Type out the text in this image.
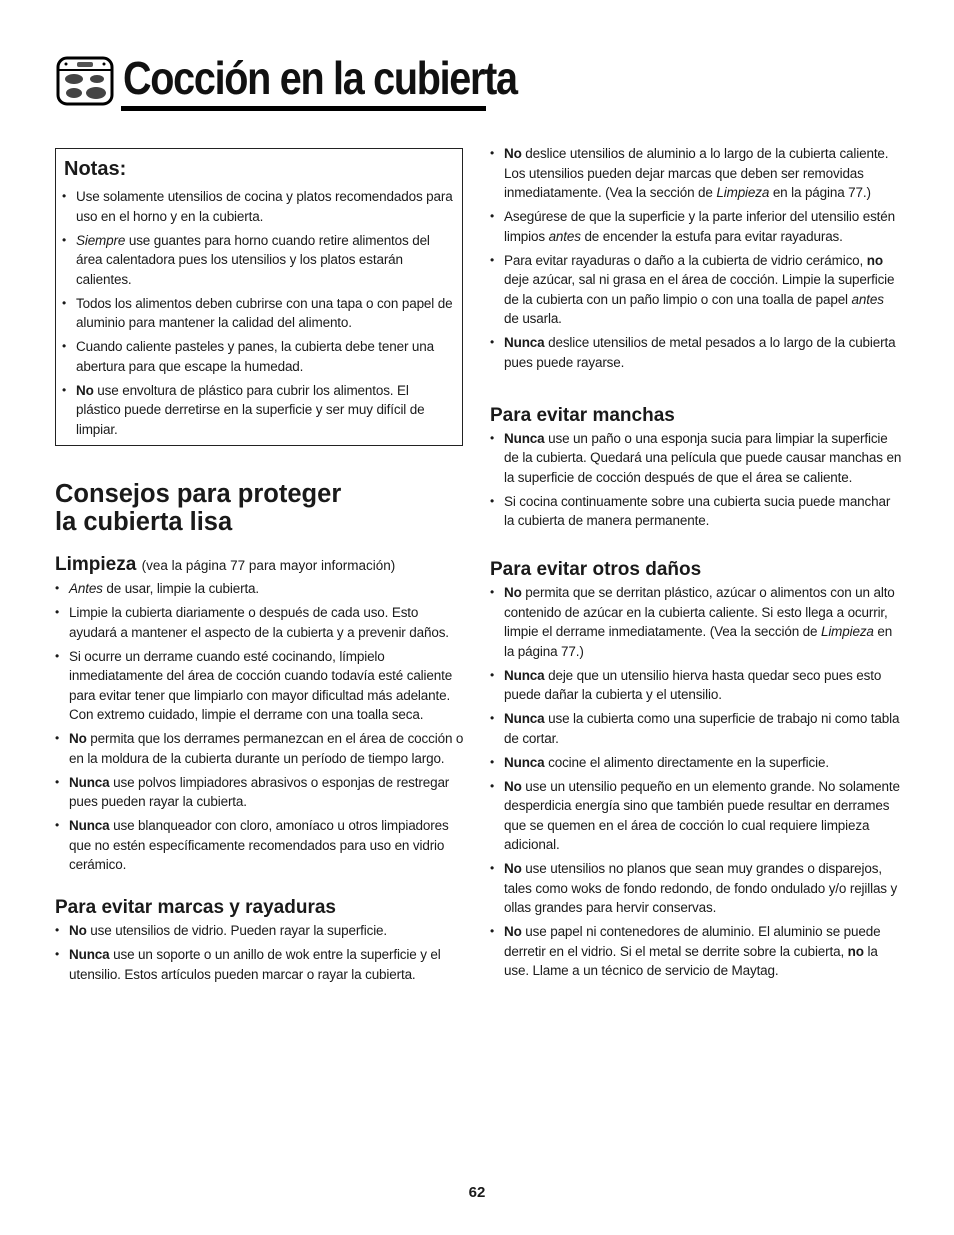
Cocción en la cubierta
Notas:
• Use solamente utensilios de cocina y platos recomendados para uso en el horno y en la cubierta.
• Siempre use guantes para horno cuando retire alimentos del área calentadora pues los utensilios y los platos estarán calientes.
• Todos los alimentos deben cubrirse con una tapa o con papel de aluminio para mantener la calidad del alimento.
• Cuando caliente pasteles y panes, la cubierta debe tener una abertura para que escape la humedad.
• No use envoltura de plástico para cubrir los alimentos. El plástico puede derretirse en la superficie y ser muy difícil de limpiar.
Consejos para proteger
la cubierta lisa
Limpieza (vea la página 77 para mayor información)
• Antes de usar, limpie la cubierta.
• Limpie la cubierta diariamente o después de cada uso. Esto ayudará a mantener el aspecto de la cubierta y a prevenir daños.
• Si ocurre un derrame cuando esté cocinando, límpielo inmediatamente del área de cocción cuando todavía esté caliente para evitar tener que limpiarlo con mayor dificultad más adelante. Con extremo cuidado, limpie el derrame con una toalla seca.
• No permita que los derrames permanezcan en el área de cocción o en la moldura de la cubierta durante un período de tiempo largo.
• Nunca use polvos limpiadores abrasivos o esponjas de restregar pues pueden rayar la cubierta.
• Nunca use blanqueador con cloro, amoníaco u otros limpiadores que no estén específicamente recomendados para uso en vidrio cerámico.
Para evitar marcas y rayaduras
• No use utensilios de vidrio. Pueden rayar la superficie.
• Nunca use un soporte o un anillo de wok entre la superficie y el utensilio. Estos artículos pueden marcar o rayar la cubierta.
• No deslice utensilios de aluminio a lo largo de la cubierta caliente. Los utensilios pueden dejar marcas que deben ser removidas inmediatamente. (Vea la sección de Limpieza en la página 77.)
• Asegúrese de que la superficie y la parte inferior del utensilio estén limpios antes de encender la estufa para evitar rayaduras.
• Para evitar rayaduras o daño a la cubierta de vidrio cerámico, no deje azúcar, sal ni grasa en el área de cocción. Limpie la superficie de la cubierta con un paño limpio o con una toalla de papel antes de usarla.
• Nunca deslice utensilios de metal pesados a lo largo de la cubierta pues puede rayarse.
Para evitar manchas
• Nunca use un paño o una esponja sucia para limpiar la superficie de la cubierta. Quedará una película que puede causar manchas en la superficie de cocción después de que el área se caliente.
• Si cocina continuamente sobre una cubierta sucia puede manchar la cubierta de manera permanente.
Para evitar otros daños
• No permita que se derritan plástico, azúcar o alimentos con un alto contenido de azúcar en la cubierta caliente. Si esto llega a ocurrir, limpie el derrame inmediatamente. (Vea la sección de Limpieza en la página 77.)
• Nunca deje que un utensilio hierva hasta quedar seco pues esto puede dañar la cubierta y el utensilio.
• Nunca use la cubierta como una superficie de trabajo ni como tabla de cortar.
• Nunca cocine el alimento directamente en la superficie.
• No use un utensilio pequeño en un elemento grande. No solamente desperdicia energía sino que también puede resultar en derrames que se quemen en el área de cocción lo cual requiere limpieza adicional.
• No use utensilios no planos que sean muy grandes o disparejos, tales como woks de fondo redondo, de fondo ondulado y/o rejillas y ollas grandes para hervir conservas.
• No use papel ni contenedores de aluminio. El aluminio se puede derretir en el vidrio. Si el metal se derrite sobre la cubierta, no la use. Llame a un técnico de servicio de Maytag.
62
